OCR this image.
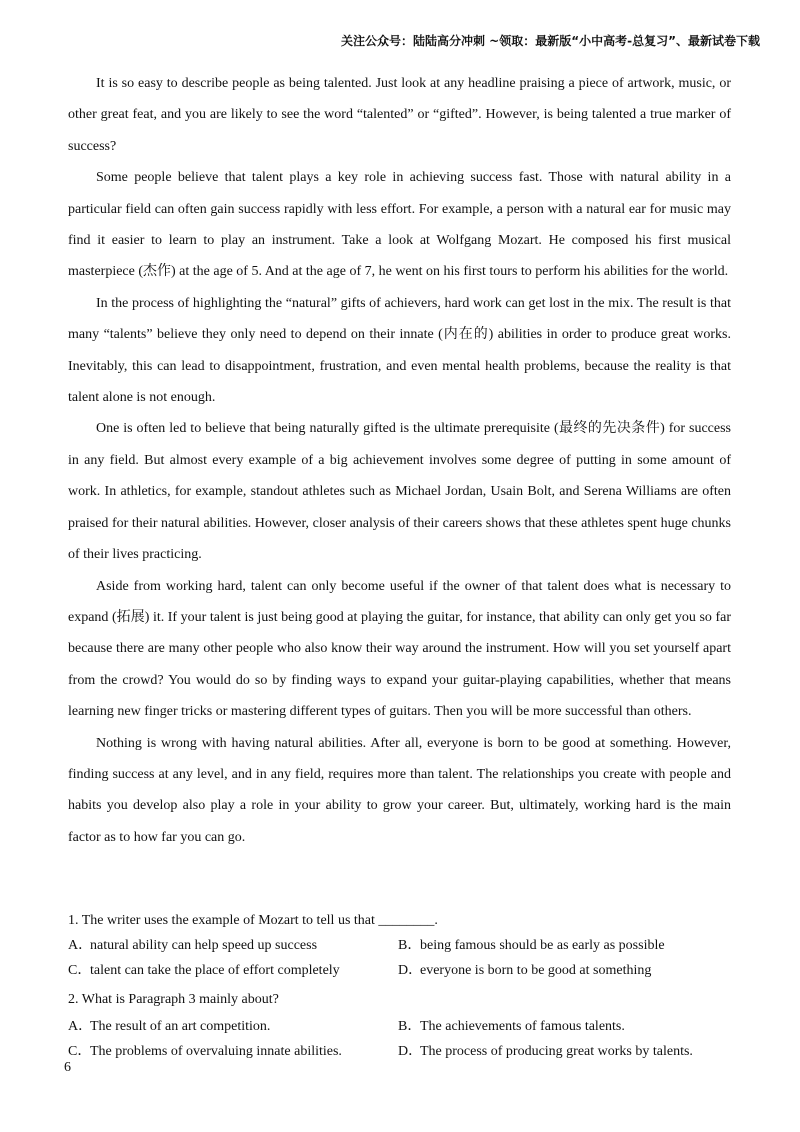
关注公众号：陆陆高分冲刺 ~领取：最新版“小中高考-总复习”、最新试卷下载

It is so easy to describe people as being talented. Just look at any headline praising a piece of artwork, music, or other great feat, and you are likely to see the word “talented” or “gifted”. However, is being talented a true marker of success?

Some people believe that talent plays a key role in achieving success fast. Those with natural ability in a particular field can often gain success rapidly with less effort. For example, a person with a natural ear for music may find it easier to learn to play an instrument. Take a look at Wolfgang Mozart. He composed his first musical masterpiece (杰作) at the age of 5. And at the age of 7, he went on his first tours to perform his abilities for the world.

In the process of highlighting the “natural” gifts of achievers, hard work can get lost in the mix. The result is that many “talents” believe they only need to depend on their innate (内在的) abilities in order to produce great works. Inevitably, this can lead to disappointment, frustration, and even mental health problems, because the reality is that talent alone is not enough.

One is often led to believe that being naturally gifted is the ultimate prerequisite (最终的先决条件) for success in any field. But almost every example of a big achievement involves some degree of putting in some amount of work. In athletics, for example, standout athletes such as Michael Jordan, Usain Bolt, and Serena Williams are often praised for their natural abilities. However, closer analysis of their careers shows that these athletes spent huge chunks of their lives practicing.

Aside from working hard, talent can only become useful if the owner of that talent does what is necessary to expand (拓展) it. If your talent is just being good at playing the guitar, for instance, that ability can only get you so far because there are many other people who also know their way around the instrument. How will you set yourself apart from the crowd? You would do so by finding ways to expand your guitar-playing capabilities, whether that means learning new finger tricks or mastering different types of guitars. Then you will be more successful than others.

Nothing is wrong with having natural abilities. After all, everyone is born to be good at something. However, finding success at any level, and in any field, requires more than talent. The relationships you create with people and habits you develop also play a role in your ability to grow your career. But, ultimately, working hard is the main factor as to how far you can go.

1. The writer uses the example of Mozart to tell us that ________.

A．natural ability can help speed up success	B．being famous should be as early as possible
C．talent can take the place of effort completely	D．everyone is born to be good at something

2. What is Paragraph 3 mainly about?

A．The result of an art competition.	B．The achievements of famous talents.
C．The problems of overvaluing innate abilities.	D．The process of producing great works by talents.
6
